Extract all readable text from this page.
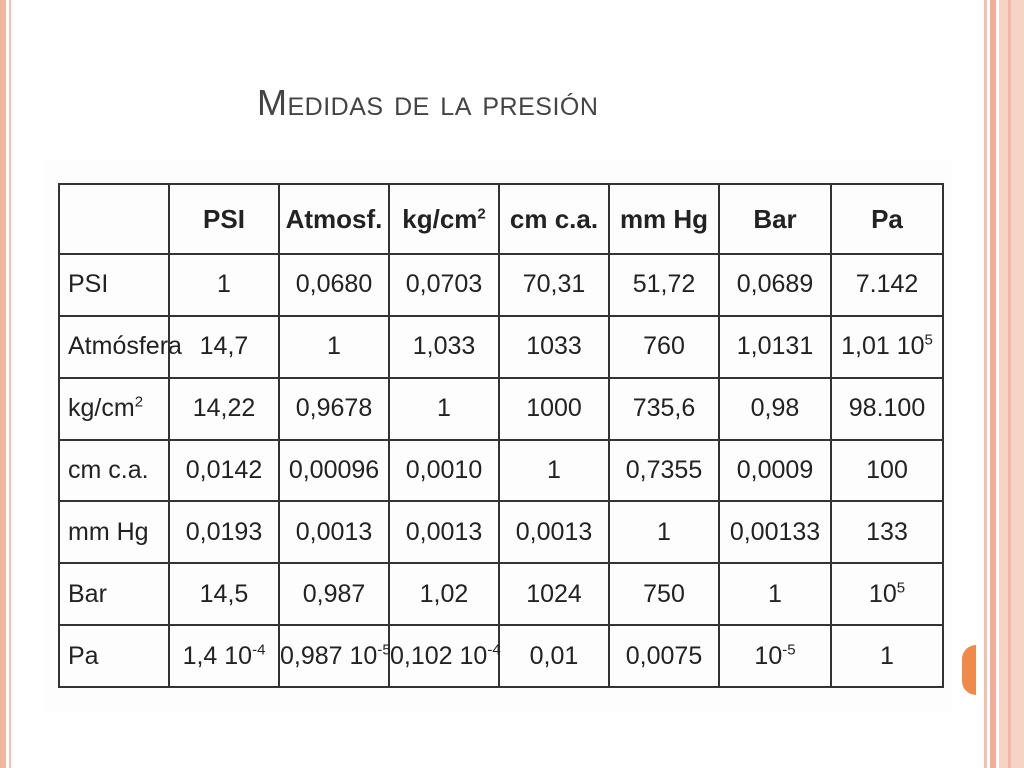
Medidas de la presión
	PSI	Atmosf.	$kg/cm^2$	cm c.a.	mm Hg	Bar	Pa
PSI	1	0,0680	0,0703	70,31	51,72	0,0689	7.142
Atmósfera	14,7	1	1,033	1033	760	1,0131	1,01 $10^5$
$kg/cm^2$	14,22	0,9678	1	1000	735,6	0,98	98.100
cm c.a.	0,0142	0,00096	0,0010	1	0,7355	0,0009	100
mm Hg	0,0193	0,0013	0,0013	0,0013	1	0,00133	133
Bar	14,5	0,987	1,02	1024	750	1	$10^5$
Pa	1,4 $10^{-4}$	0,987 $10^{-5}$	0,102 $10^{-4}$	0,01	0,0075	$10^{-5}$	1
